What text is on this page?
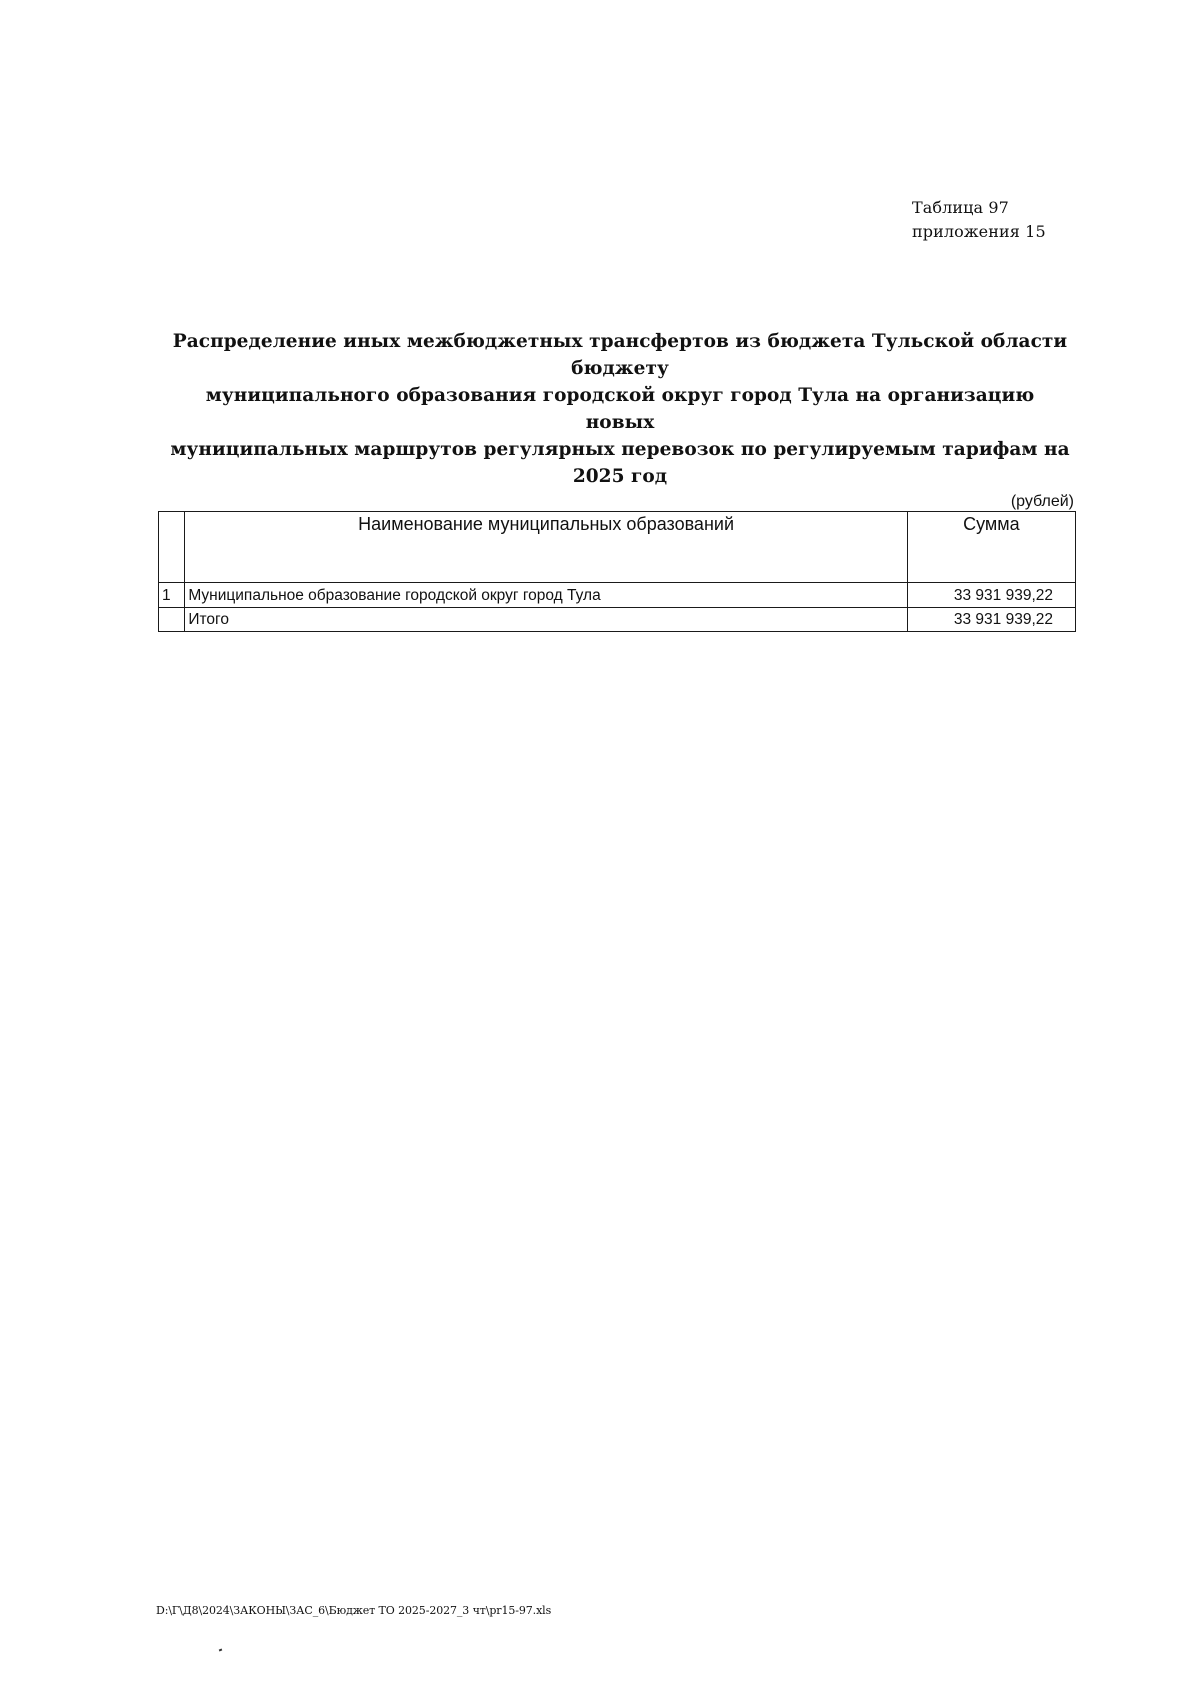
Таблица 97
приложения 15
Распределение иных межбюджетных трансфертов из бюджета Тульской области бюджету
муниципального образования городской округ город Тула на организацию новых
муниципальных маршрутов регулярных перевозок по регулируемым тарифам на 2025 год
(рублей)
	Наименование муниципальных образований	Сумма
1	Муниципальное образование городской округ город Тула	33 931 939,22
	Итого	33 931 939,22
D:\Г\Д8\2024\ЗАКОНЫ\ЗАС_6\Бюджет ТО 2025-2027_3 чт\pr15-97.xls
